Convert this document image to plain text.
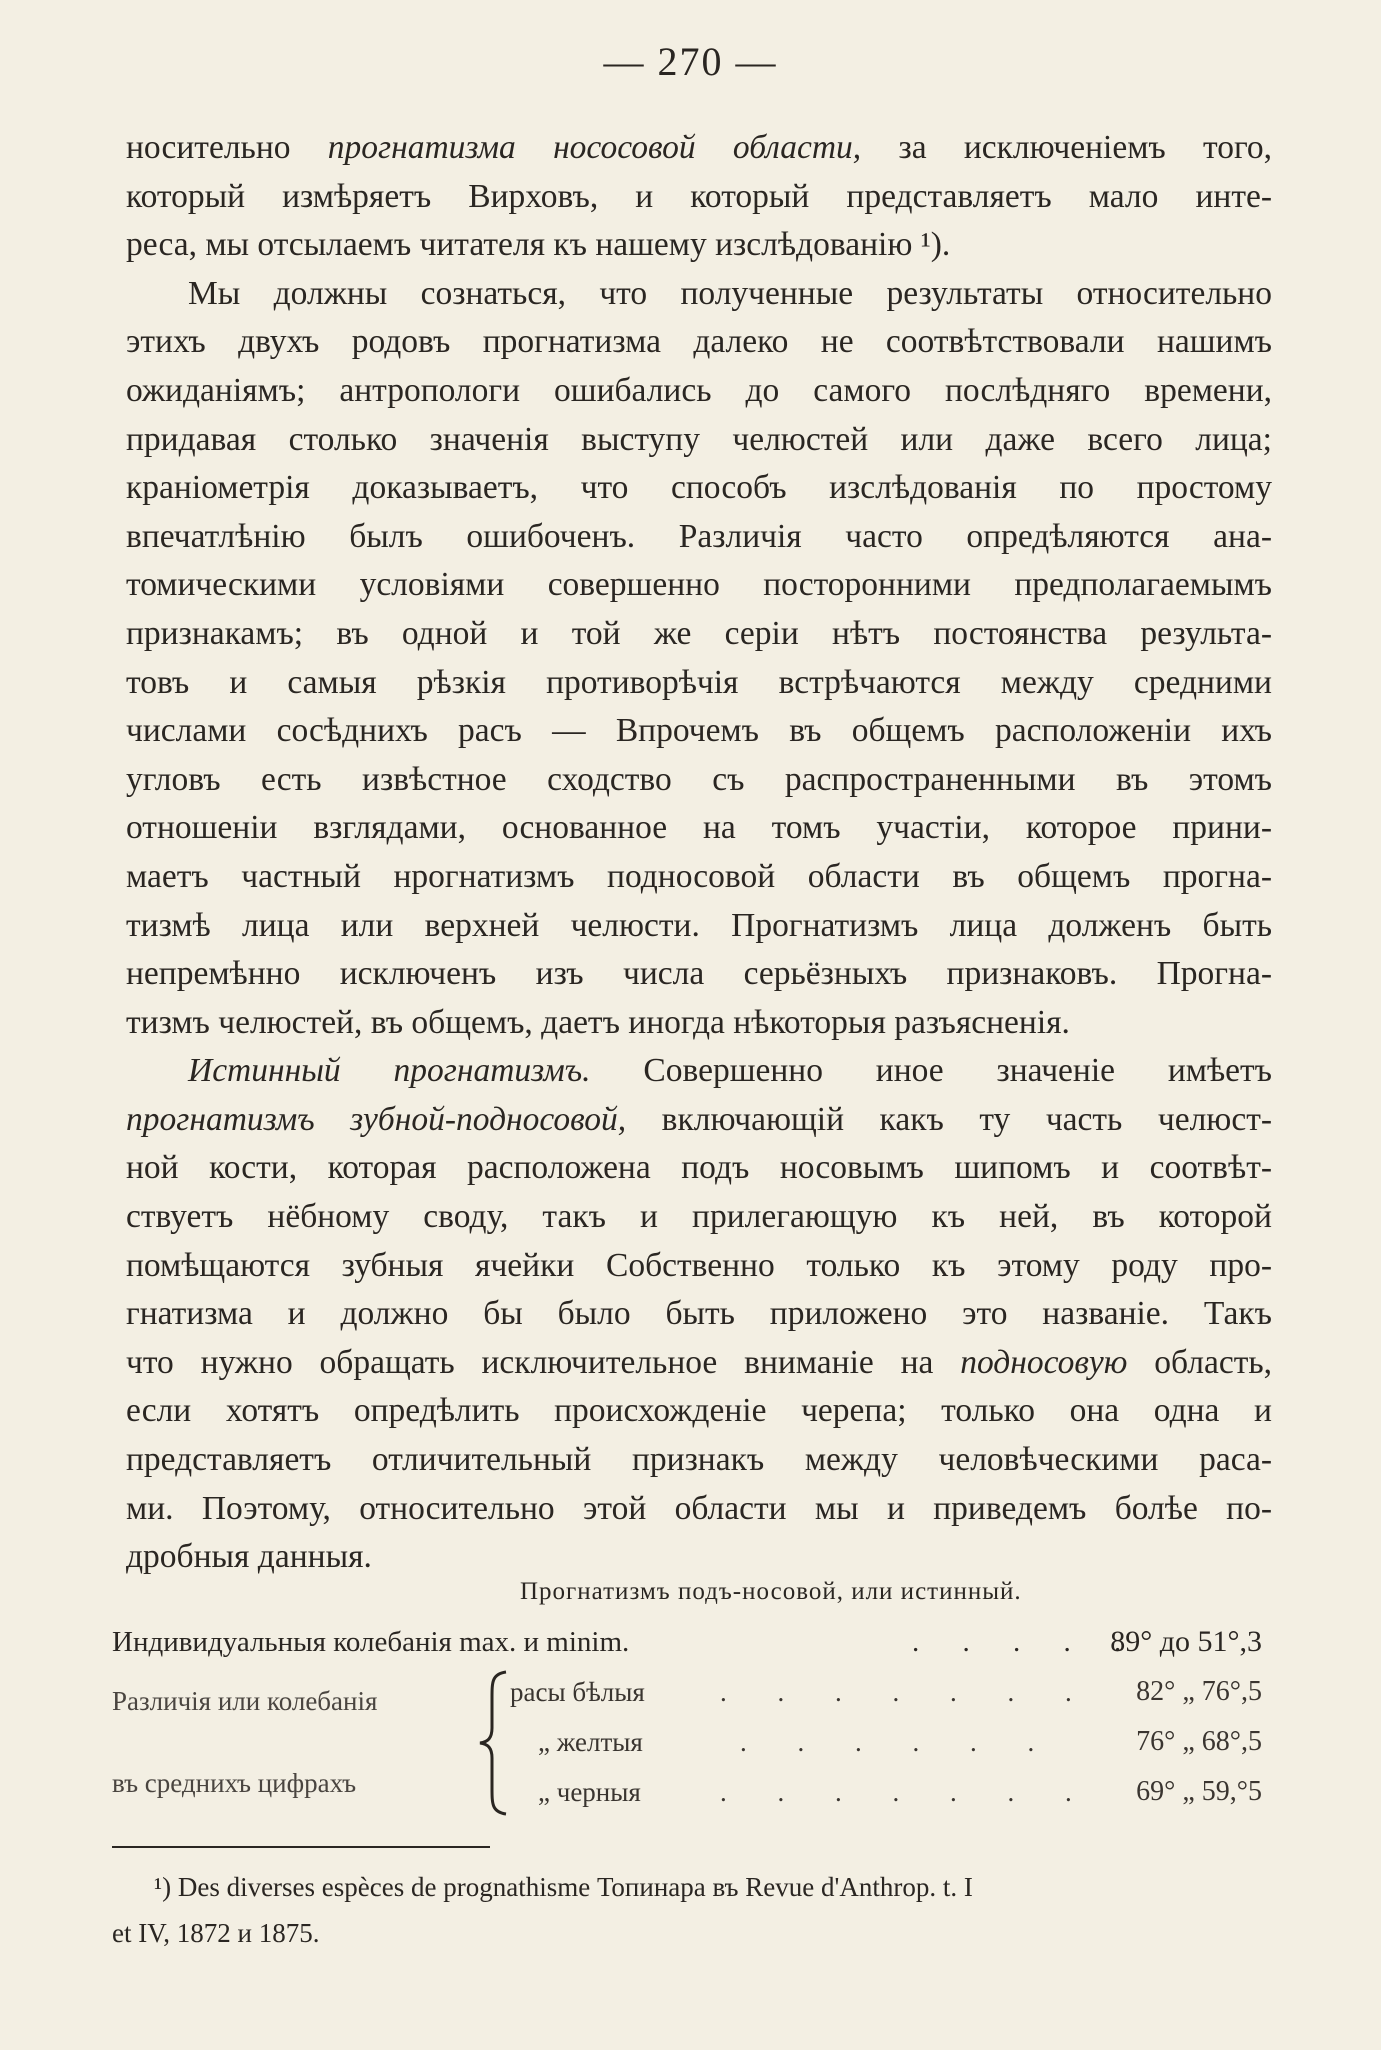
— 270 —
носительно прогнатизма нососовой области, за исключеніемъ того,
который измѣряетъ Вирховъ, и который представляетъ мало инте-
реса, мы отсылаемъ читателя къ нашему изслѣдованію ¹).
Мы должны сознаться, что полученные результаты относительно
этихъ двухъ родовъ прогнатизма далеко не соотвѣтствовали нашимъ
ожиданіямъ; антропологи ошибались до самого послѣдняго времени,
придавая столько значенія выступу челюстей или даже всего лица;
краніометрія доказываетъ, что способъ изслѣдованія по простому
впечатлѣнію былъ ошибоченъ. Различія часто опредѣляются ана-
томическими условіями совершенно посторонними предполагаемымъ
признакамъ; въ одной и той же серіи нѣтъ постоянства результа-
товъ и самыя рѣзкія противорѣчія встрѣчаются между средними
числами сосѣднихъ расъ — Впрочемъ въ общемъ расположеніи ихъ
угловъ есть извѣстное сходство съ распространенными въ этомъ
отношеніи взглядами, основанное на томъ участіи, которое прини-
маетъ частный нрогнатизмъ подносовой области въ общемъ прогна-
тизмѣ лица или верхней челюсти. Прогнатизмъ лица долженъ быть
непремѣнно исключенъ изъ числа серьёзныхъ признаковъ. Прогна-
тизмъ челюстей, въ общемъ, даетъ иногда нѣкоторыя разъясненія.
Истинный прогнатизмъ. Совершенно иное значеніе имѣетъ
прогнатизмъ зубной-подносовой, включающій какъ ту часть челюст-
ной кости, которая расположена подъ носовымъ шипомъ и соотвѣт-
ствуетъ нёбному своду, такъ и прилегающую къ ней, въ которой
помѣщаются зубныя ячейки Собственно только къ этому роду про-
гнатизма и должно бы было быть приложено это названіе. Такъ
что нужно обращать исключительное вниманіе на подносовую область,
если хотятъ опредѣлить происхожденіе черепа; только она одна и
представляетъ отличительный признакъ между человѣческими раса-
ми. Поэтому, относительно этой области мы и приведемъ болѣе по-
дробныя данныя.
Прогнатизмъ подъ-носовой, или истинный.
Индивидуальныя колебанія max. и minim.	. . . . .
89° до 51°,3
Различія или колебанія
въ среднихъ цифрахъ
расы бѣлыя	. . . . . . . 82° „ 76°,5
„ желтыя	. . . . . .	76° „ 68°,5
„ черныя	. . . . . . . 69° „ 59,°5
¹) Des diverses espèces de prognathisme Топинара въ Revue d'Anthrop. t. I
et IV, 1872 и 1875.
